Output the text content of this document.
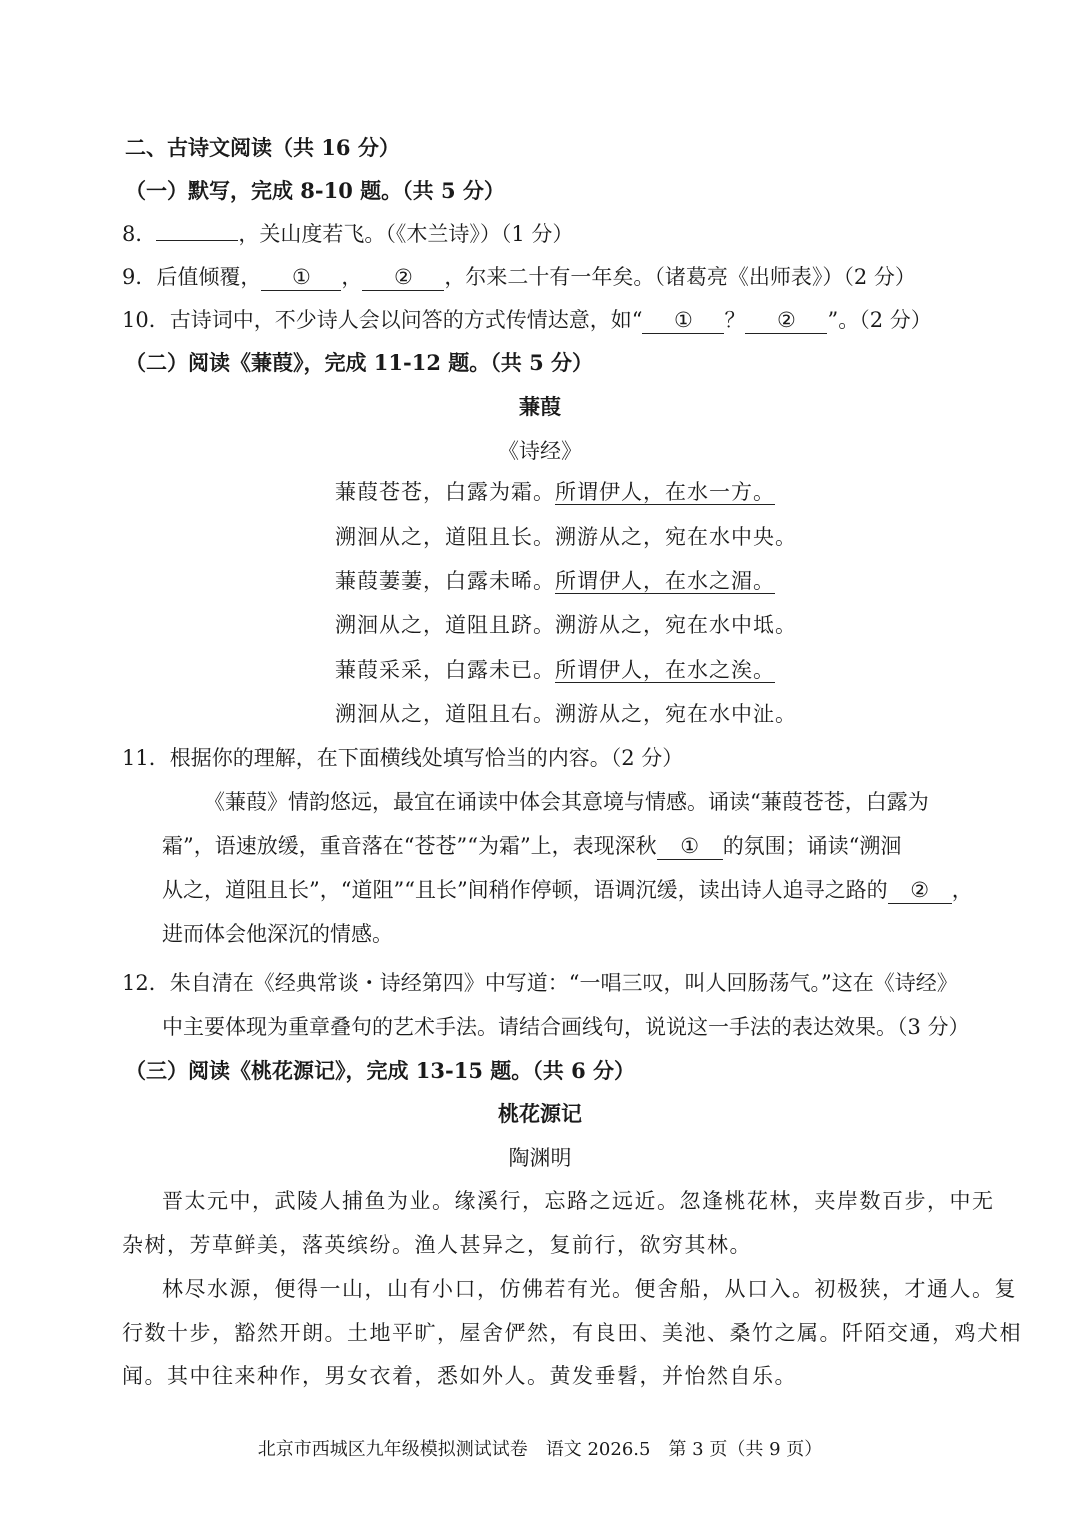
二、古诗文阅读（共 16 分）
（一）默写，完成 8-10 题。（共 5 分）
8．	，关山度若飞。（《木兰诗》）（1 分）
9．后值倾覆， ① ， ② ，尔来二十有一年矣。（诸葛亮《出师表》）（2 分）
10．古诗词中，不少诗人会以问答的方式传情达意，如“ ① ？ ② ”。（2 分）
（二）阅读《蒹葭》，完成 11-12 题。（共 5 分）
蒹葭
《诗经》
蒹葭苍苍，白露为霜。所谓伊人，在水一方。
溯洄从之，道阻且长。溯游从之，宛在水中央。
蒹葭萋萋，白露未晞。所谓伊人，在水之湄。
溯洄从之，道阻且跻。溯游从之，宛在水中坻。
蒹葭采采，白露未已。所谓伊人，在水之涘。
溯洄从之，道阻且右。溯游从之，宛在水中沚。
11．根据你的理解，在下面横线处填写恰当的内容。（2 分）
《蒹葭》情韵悠远，最宜在诵读中体会其意境与情感。诵读“蒹葭苍苍，白露为
霜”，语速放缓，重音落在“苍苍”“为霜”上，表现深秋 ① 的氛围；诵读“溯洄
从之，道阻且长”，“道阻”“且长”间稍作停顿，语调沉缓，读出诗人追寻之路的 ② ，
进而体会他深沉的情感。
12．朱自清在《经典常谈・诗经第四》中写道：“一唱三叹，叫人回肠荡气。”这在《诗经》
中主要体现为重章叠句的艺术手法。请结合画线句，说说这一手法的表达效果。（3 分）
（三）阅读《桃花源记》，完成 13-15 题。（共 6 分）
桃花源记
陶渊明
晋太元中，武陵人捕鱼为业。缘溪行，忘路之远近。忽逢桃花林，夹岸数百步，中无
杂树，芳草鲜美，落英缤纷。渔人甚异之，复前行，欲穷其林。
林尽水源，便得一山，山有小口，仿佛若有光。便舍船，从口入。初极狭，才通人。复
行数十步，豁然开朗。土地平旷，屋舍俨然，有良田、美池、桑竹之属。阡陌交通，鸡犬相
闻。其中往来种作，男女衣着，悉如外人。黄发垂髫，并怡然自乐。
北京市西城区九年级模拟测试试卷　语文 2026.5　第 3 页（共 9 页）
